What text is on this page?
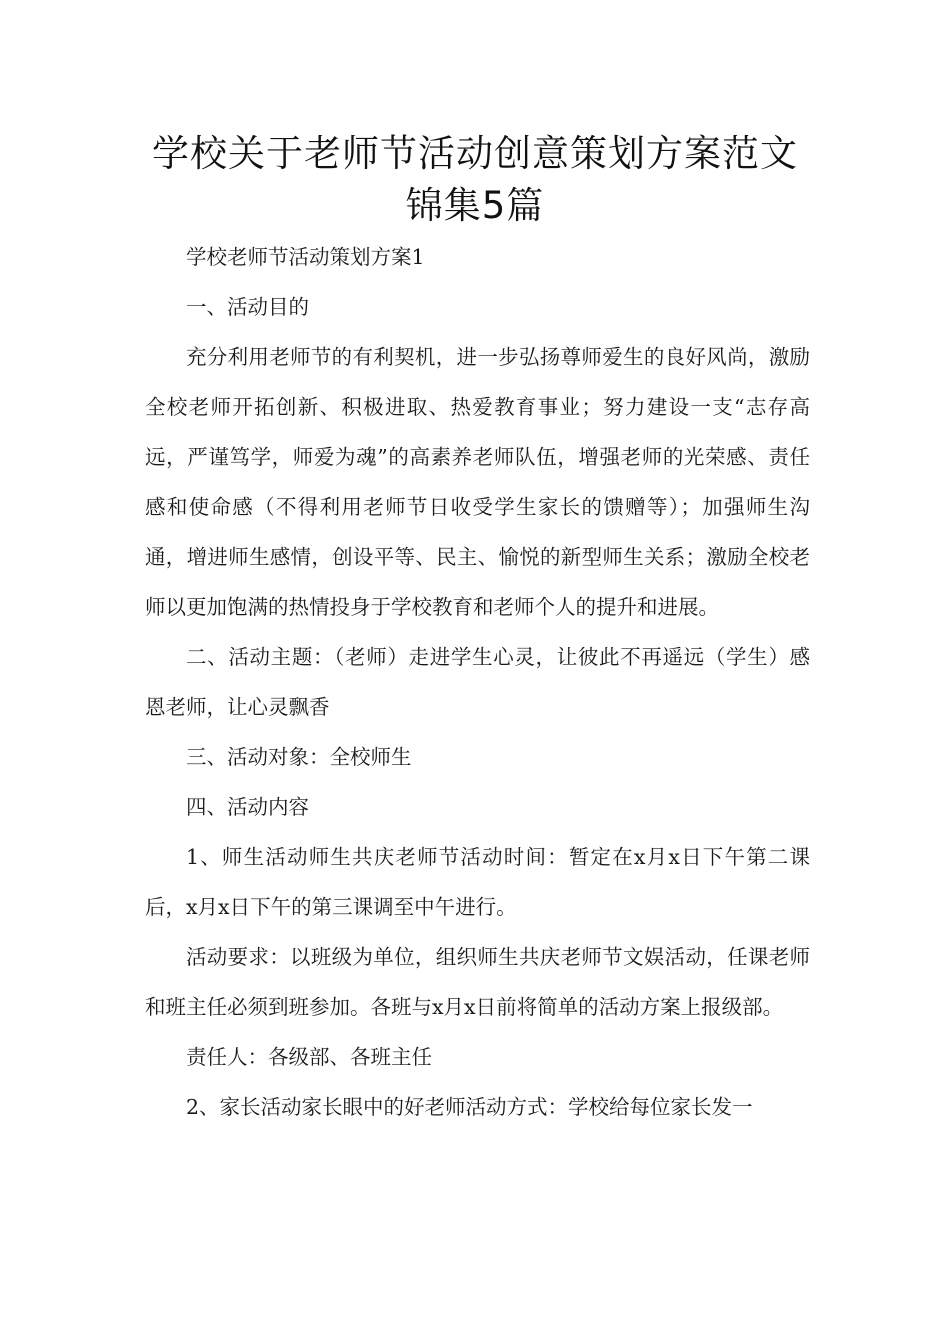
学校关于老师节活动创意策划方案范文
锦集5篇

学校老师节活动策划方案1

一、活动目的

充分利用老师节的有利契机，进一步弘扬尊师爱生的良好风尚，激励全校老师开拓创新、积极进取、热爱教育事业；努力建设一支“志存高远，严谨笃学，师爱为魂”的高素养老师队伍，增强老师的光荣感、责任感和使命感（不得利用老师节日收受学生家长的馈赠等）；加强师生沟通，增进师生感情，创设平等、民主、愉悦的新型师生关系；激励全校老师以更加饱满的热情投身于学校教育和老师个人的提升和进展。

二、活动主题：（老师）走进学生心灵，让彼此不再遥远（学生）感恩老师，让心灵飘香

三、活动对象：全校师生

四、活动内容

1、师生活动师生共庆老师节活动时间：暂定在x月x日下午第二课后，x月x日下午的第三课调至中午进行。

活动要求：以班级为单位，组织师生共庆老师节文娱活动，任课老师和班主任必须到班参加。各班与x月x日前将简单的活动方案上报级部。

责任人：各级部、各班主任

2、家长活动家长眼中的好老师活动方式：学校给每位家长发一
